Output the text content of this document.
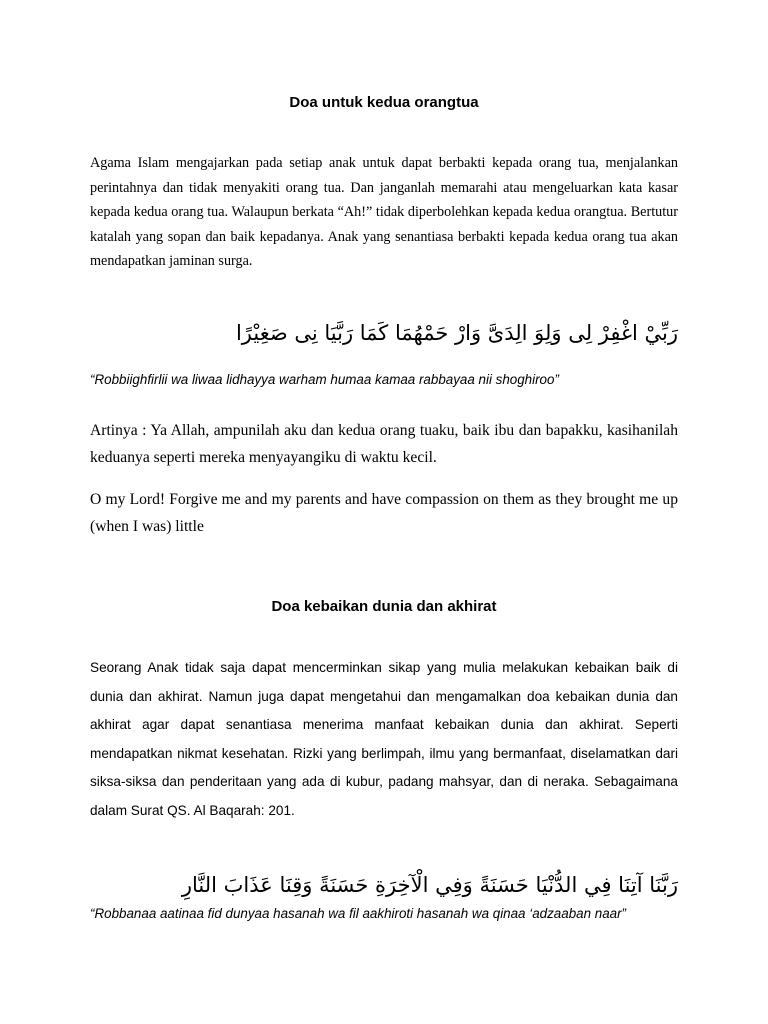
Doa untuk kedua orangtua
Agama Islam mengajarkan pada setiap anak untuk dapat berbakti kepada orang tua, menjalankan perintahnya dan tidak menyakiti orang tua. Dan janganlah memarahi atau mengeluarkan kata kasar kepada kedua orang tua. Walaupun berkata “Ah!” tidak diperbolehkan kepada kedua orangtua. Bertutur katalah yang sopan dan baik kepadanya. Anak yang senantiasa berbakti kepada kedua orang tua akan mendapatkan jaminan surga.
رَبِّيْ اغْفِرْ لِى وَلِوَ الِدَىَّ وَارْ حَمْهُمَا كَمَا رَبَّيَا نِى صَغِيْرًا
“Robbiighfirlii wa liwaa lidhayya warham humaa kamaa rabbayaa nii shoghiroo”
Artinya : Ya Allah, ampunilah aku dan kedua orang tuaku, baik ibu dan bapakku, kasihanilah keduanya seperti mereka menyayangiku di waktu kecil.
O my Lord! Forgive me and my parents and have compassion on them as they brought me up (when I was) little
Doa kebaikan dunia dan akhirat
Seorang Anak tidak saja dapat mencerminkan sikap yang mulia melakukan kebaikan baik di dunia dan akhirat. Namun juga dapat mengetahui dan mengamalkan doa kebaikan dunia dan akhirat agar dapat senantiasa menerima manfaat kebaikan dunia dan akhirat. Seperti mendapatkan nikmat kesehatan. Rizki yang berlimpah, ilmu yang bermanfaat, diselamatkan dari siksa-siksa dan penderitaan yang ada di kubur, padang mahsyar, dan di neraka. Sebagaimana dalam Surat QS. Al Baqarah: 201.
رَبَّنَا آتِنَا فِي الدُّنْيَا حَسَنَةً وَفِي الْآخِرَةِ حَسَنَةً وَقِنَا عَذَابَ النَّارِ
“Robbanaa aatinaa fid dunyaa hasanah wa fil aakhiroti hasanah wa qinaa ‘adzaaban naar”
